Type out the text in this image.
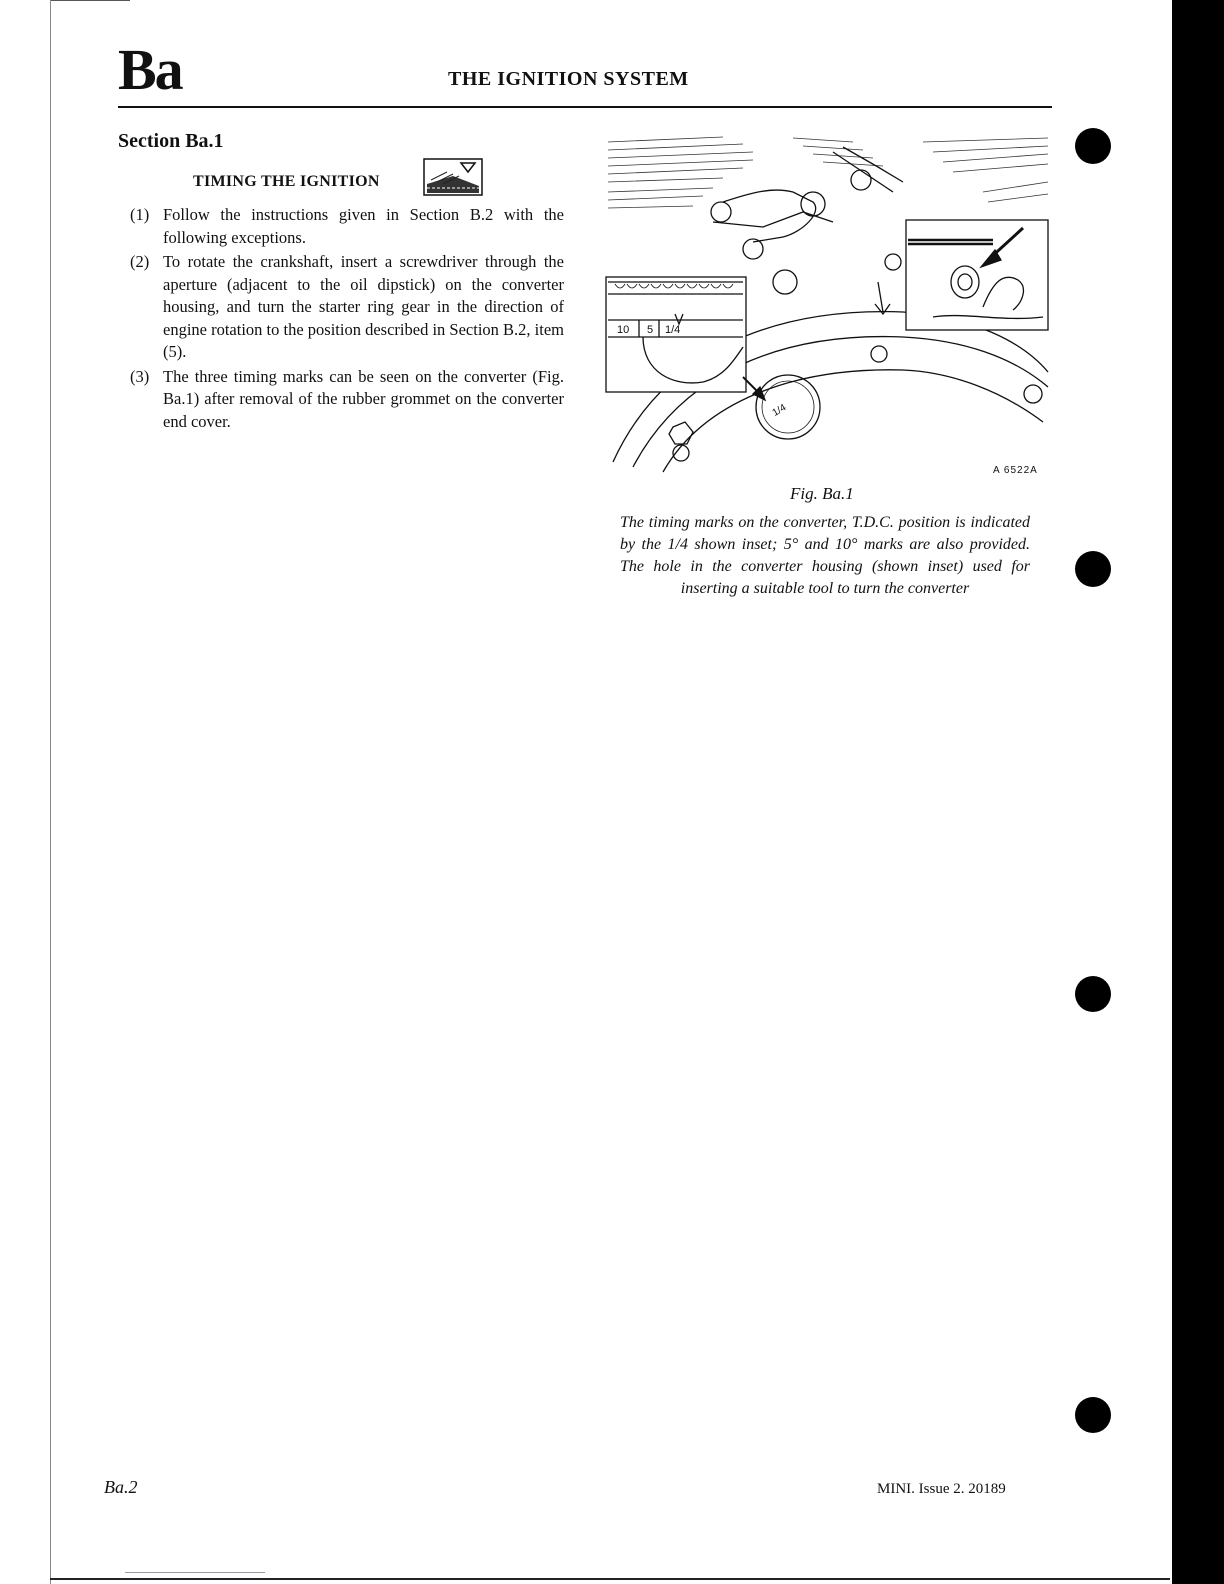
Ba	THE IGNITION SYSTEM
Section Ba.1
TIMING THE IGNITION
(1) Follow the instructions given in Section B.2 with the following exceptions.
(2) To rotate the crankshaft, insert a screwdriver through the aperture (adjacent to the oil dipstick) on the converter housing, and turn the starter ring gear in the direction of engine rotation to the position described in Section B.2, item (5).
(3) The three timing marks can be seen on the converter (Fig. Ba.1) after removal of the rubber grommet on the converter end cover.
1/4
10 5 1/4
A 6522A
Fig. Ba.1
The timing marks on the converter, T.D.C. position is indicated by the 1/4 shown inset; 5° and 10° marks are also provided. The hole in the converter housing (shown inset) used for inserting a suitable tool to turn the converter
Ba.2	MINI. Issue 2. 20189
